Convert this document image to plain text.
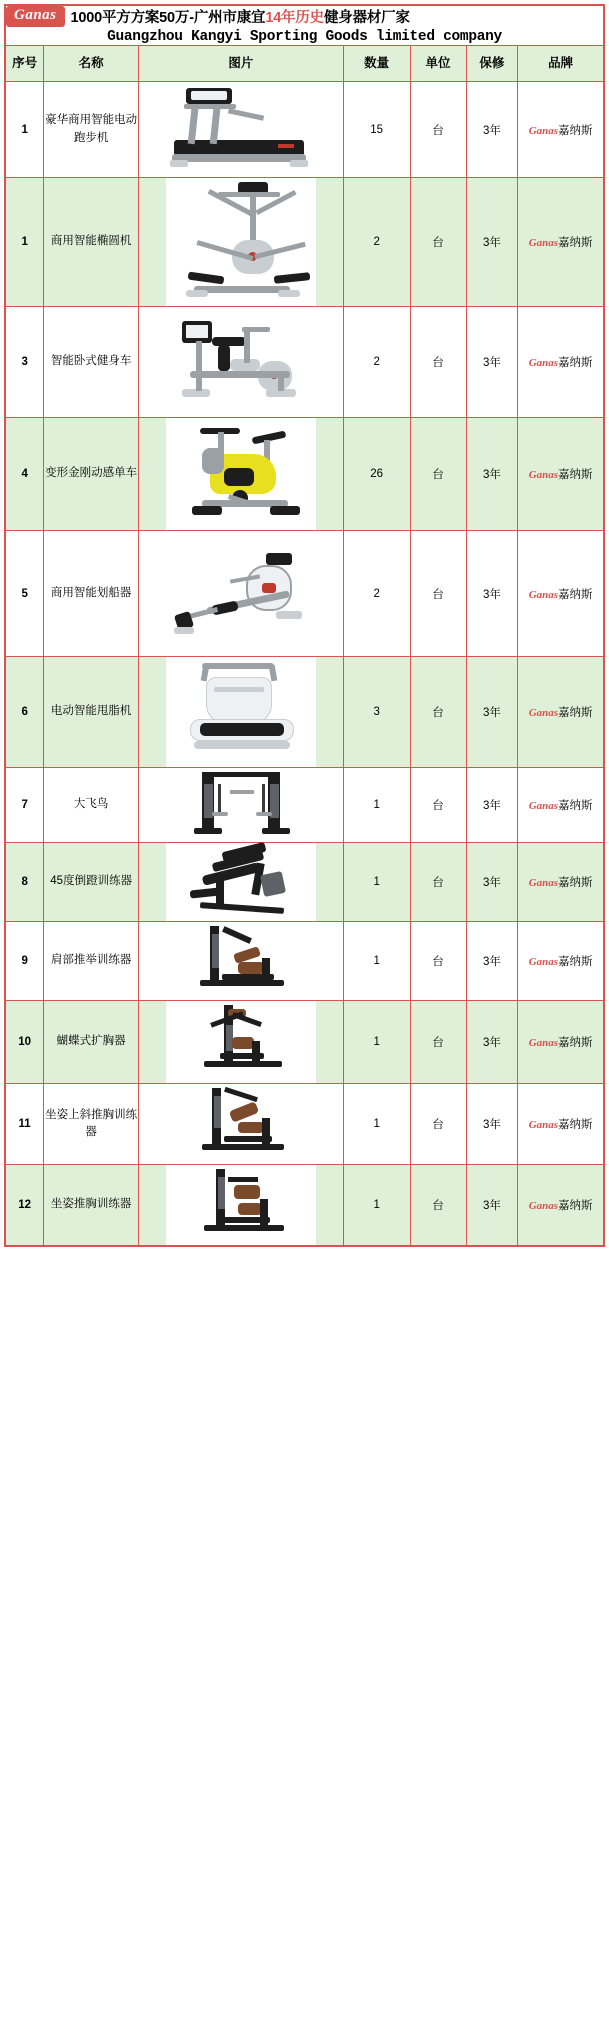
Ganas 1000平方方案50万-广州市康宜14年历史健身器材厂家
Guangzhou Kangyi Sporting Goods limited company						

序号	名称	图片	数量	单位	保修	品牌
1	豪华商用智能电动跑步机		15	台	3年	Ganas嘉纳斯
1	商用智能椭圆机		2	台	3年	Ganas嘉纳斯
3	智能卧式健身车		2	台	3年	Ganas嘉纳斯
4	变形金刚动感单车		26	台	3年	Ganas嘉纳斯
5	商用智能划船器		2	台	3年	Ganas嘉纳斯
6	电动智能甩脂机		3	台	3年	Ganas嘉纳斯
7	大飞鸟		1	台	3年	Ganas嘉纳斯
8	45度倒蹬训练器		1	台	3年	Ganas嘉纳斯
9	肩部推举训练器		1	台	3年	Ganas嘉纳斯
10	蝴蝶式扩胸器		1	台	3年	Ganas嘉纳斯
11	坐姿上斜推胸训练器		1	台	3年	Ganas嘉纳斯
12	坐姿推胸训练器		1	台	3年	Ganas嘉纳斯
